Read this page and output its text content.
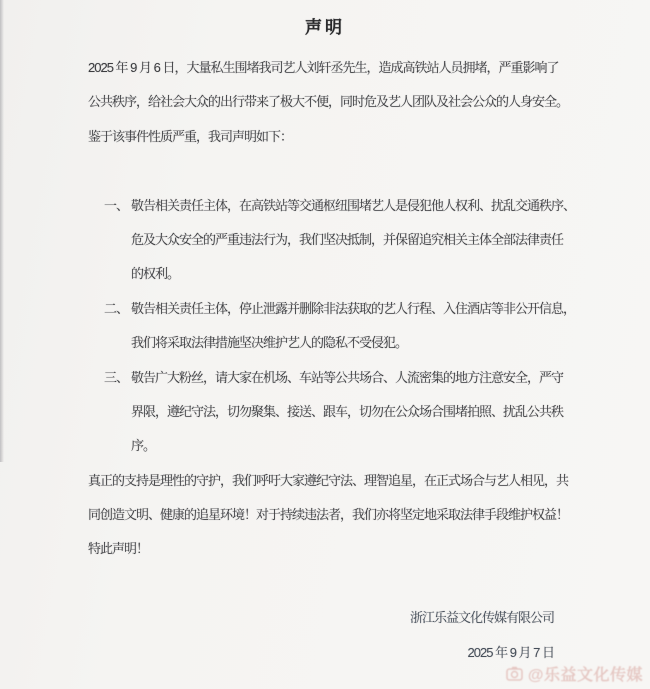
声明
2025 年 9 月 6 日，大量私生围堵我司艺人刘轩丞先生，造成高铁站人员拥堵，严重影响了
公共秩序，给社会大众的出行带来了极大不便，同时危及艺人团队及社会公众的人身安全。
鉴于该事件性质严重，我司声明如下：
一、 敬告相关责任主体，在高铁站等交通枢纽围堵艺人是侵犯他人权利、扰乱交通秩序、
危及大众安全的严重违法行为，我们坚决抵制，并保留追究相关主体全部法律责任
的权利。
二、 敬告相关责任主体，停止泄露并删除非法获取的艺人行程、入住酒店等非公开信息，
我们将采取法律措施坚决维护艺人的隐私不受侵犯。
三、 敬告广大粉丝，请大家在机场、车站等公共场合、人流密集的地方注意安全，严守
界限，遵纪守法，切勿聚集、接送、跟车，切勿在公众场合围堵拍照、扰乱公共秩
序。
真正的支持是理性的守护，我们呼吁大家遵纪守法、理智追星，在正式场合与艺人相见，共
同创造文明、健康的追星环境！对于持续违法者，我们亦将坚定地采取法律手段维护权益！
特此声明！
浙江乐益文化传媒有限公司
2025 年 9 月 7 日
@乐益文化传媒
